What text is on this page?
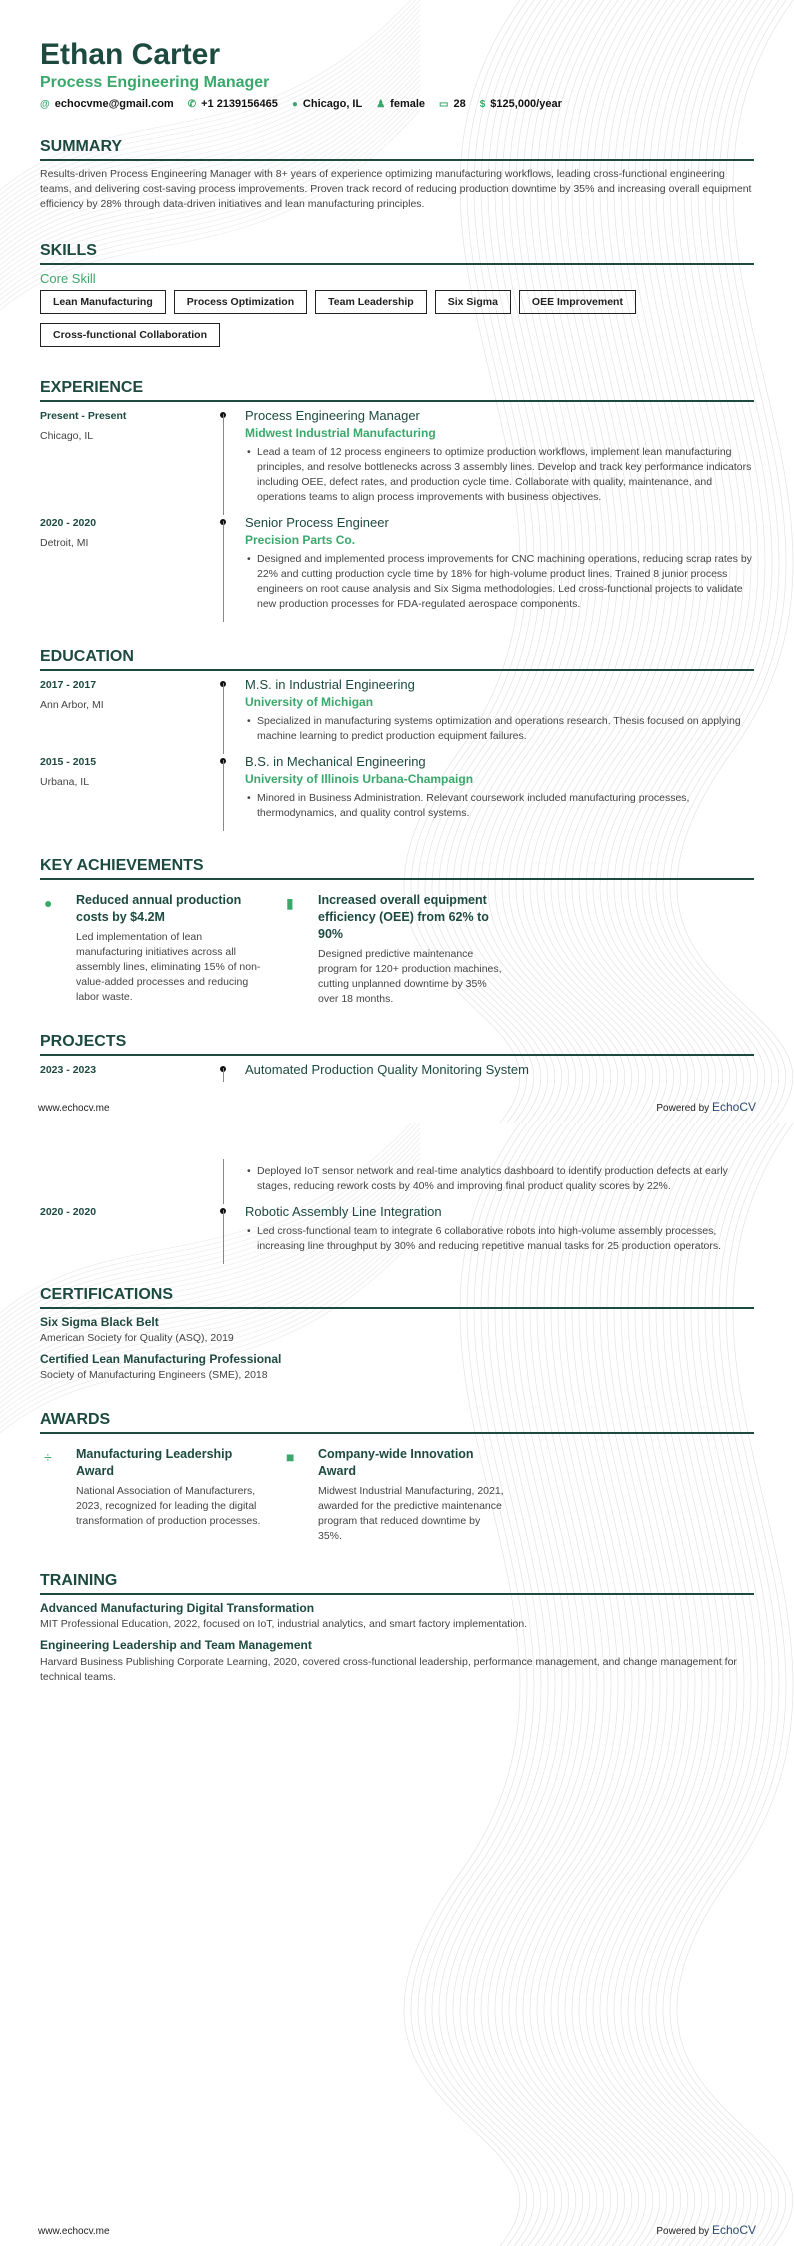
Ethan Carter
Process Engineering Manager
@ echocvme@gmail.com ✆ +1 2139156465 ● Chicago, IL ♟ female ▭ 28 $ $125,000/year
SUMMARY
Results-driven Process Engineering Manager with 8+ years of experience optimizing manufacturing workflows, leading cross-functional engineering teams, and delivering cost-saving process improvements. Proven track record of reducing production downtime by 35% and increasing overall equipment efficiency by 28% through data-driven initiatives and lean manufacturing principles.
SKILLS
Core Skill
Lean Manufacturing	Process Optimization	Team Leadership	Six Sigma	OEE Improvement
Cross-functional Collaboration
EXPERIENCE
Present - Present
Chicago, IL
Process Engineering Manager
Midwest Industrial Manufacturing
• Lead a team of 12 process engineers to optimize production workflows, implement lean manufacturing principles, and resolve bottlenecks across 3 assembly lines. Develop and track key performance indicators including OEE, defect rates, and production cycle time. Collaborate with quality, maintenance, and operations teams to align process improvements with business objectives.
2020 - 2020
Detroit, MI
Senior Process Engineer
Precision Parts Co.
• Designed and implemented process improvements for CNC machining operations, reducing scrap rates by 22% and cutting production cycle time by 18% for high-volume product lines. Trained 8 junior process engineers on root cause analysis and Six Sigma methodologies. Led cross-functional projects to validate new production processes for FDA-regulated aerospace components.
EDUCATION
2017 - 2017
Ann Arbor, MI
M.S. in Industrial Engineering
University of Michigan
• Specialized in manufacturing systems optimization and operations research. Thesis focused on applying machine learning to predict production equipment failures.
2015 - 2015
Urbana, IL
B.S. in Mechanical Engineering
University of Illinois Urbana-Champaign
• Minored in Business Administration. Relevant coursework included manufacturing processes, thermodynamics, and quality control systems.
KEY ACHIEVEMENTS
●	Reduced annual production costs by $4.2M

Led implementation of lean manufacturing initiatives across all assembly lines, eliminating 15% of non-value-added processes and reducing labor waste.

▮	Increased overall equipment efficiency (OEE) from 62% to 90%

Designed predictive maintenance program for 120+ production machines, cutting unplanned downtime by 35% over 18 months.

PROJECTS
2023 - 2023	Automated Production Quality Monitoring System
www.echocv.me	Powered by EchoCV
• Deployed IoT sensor network and real-time analytics dashboard to identify production defects at early stages, reducing rework costs by 40% and improving final product quality scores by 22%.
2020 - 2020	Robotic Assembly Line Integration
• Led cross-functional team to integrate 6 collaborative robots into high-volume assembly processes, increasing line throughput by 30% and reducing repetitive manual tasks for 25 production operators.
CERTIFICATIONS
Six Sigma Black Belt
American Society for Quality (ASQ), 2019
Certified Lean Manufacturing Professional
Society of Manufacturing Engineers (SME), 2018
AWARDS
÷	Manufacturing Leadership Award

National Association of Manufacturers, 2023, recognized for leading the digital transformation of production processes.

■	Company-wide Innovation Award

Midwest Industrial Manufacturing, 2021, awarded for the predictive maintenance program that reduced downtime by 35%.

TRAINING
Advanced Manufacturing Digital Transformation
MIT Professional Education, 2022, focused on IoT, industrial analytics, and smart factory implementation.
Engineering Leadership and Team Management
Harvard Business Publishing Corporate Learning, 2020, covered cross-functional leadership, performance management, and change management for technical teams.
www.echocv.me	Powered by EchoCV
